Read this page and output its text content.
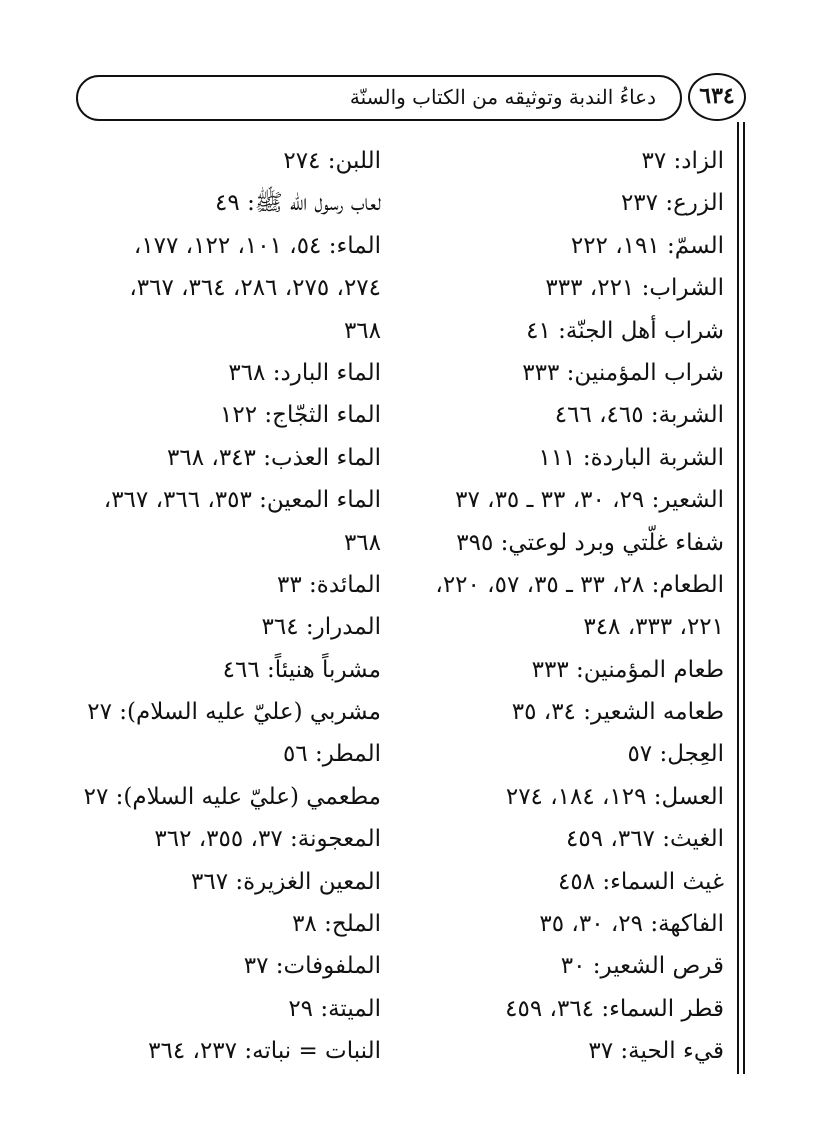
دعاءُ الندبة وتوثيقه من الكتاب والسنّة	٦٣٤
الزاد: ٣٧
الزرع: ٢٣٧
السمّ: ١٩١، ٢٢٢
الشراب: ٢٢١، ٣٣٣
شراب أهل الجنّة: ٤١
شراب المؤمنين: ٣٣٣
الشربة: ٤٦٥، ٤٦٦
الشربة الباردة: ١١١
الشعير: ٢٩، ٣٠، ٣٣ ـ ٣٥، ٣٧
شفاء غلّتي وبرد لوعتي: ٣٩٥
الطعام: ٢٨، ٣٣ ـ ٣٥، ٥٧، ٢٢٠،
٢٢١، ٣٣٣، ٣٤٨
طعام المؤمنين: ٣٣٣
طعامه الشعير: ٣٤، ٣٥
العِجل: ٥٧
العسل: ١٢٩، ١٨٤، ٢٧٤
الغيث: ٣٦٧، ٤٥٩
غيث السماء: ٤٥٨
الفاكهة: ٢٩، ٣٠، ٣٥
قرص الشعير: ٣٠
قطر السماء: ٣٦٤، ٤٥٩
قيء الحية: ٣٧
اللبن: ٢٧٤
لعاب رسول الله ﷺ: ٤٩
الماء: ٥٤، ١٠١، ١٢٢، ١٧٧،
٢٧٤، ٢٧٥، ٢٨٦، ٣٦٤، ٣٦٧،
٣٦٨
الماء البارد: ٣٦٨
الماء الثجّاج: ١٢٢
الماء العذب: ٣٤٣، ٣٦٨
الماء المعين: ٣٥٣، ٣٦٦، ٣٦٧،
٣٦٨
المائدة: ٣٣
المدرار: ٣٦٤
مشرباً هنيئاً: ٤٦٦
مشربي (عليّ عليه السلام): ٢٧
المطر: ٥٦
مطعمي (عليّ عليه السلام): ٢٧
المعجونة: ٣٧، ٣٥٥، ٣٦٢
المعين الغزيرة: ٣٦٧
الملح: ٣٨
الملفوفات: ٣٧
الميتة: ٢٩
النبات = نباته: ٢٣٧، ٣٦٤
